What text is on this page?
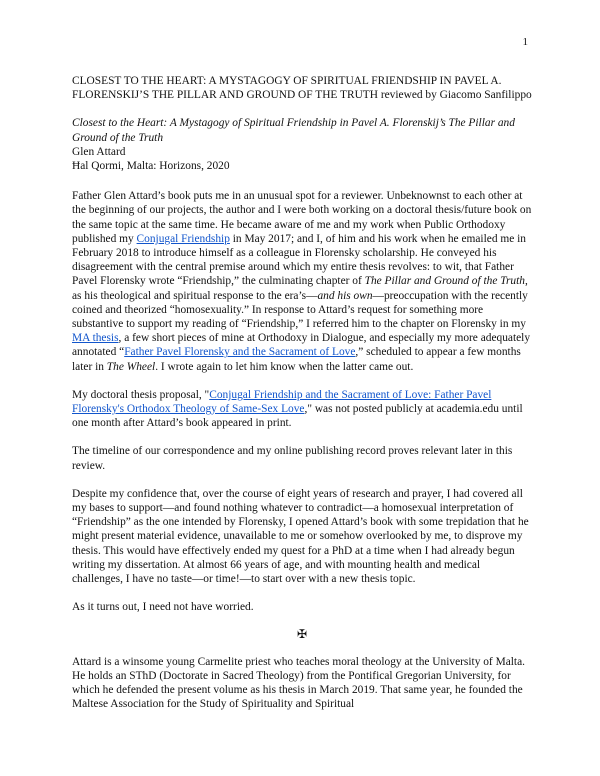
1

CLOSEST TO THE HEART: A MYSTAGOGY OF SPIRITUAL FRIENDSHIP IN PAVEL A. FLORENSKIJ’S THE PILLAR AND GROUND OF THE TRUTH reviewed by Giacomo Sanfilippo

Closest to the Heart: A Mystagogy of Spiritual Friendship in Pavel A. Florenskij’s The Pillar and Ground of the Truth
Glen Attard
Ħal Qormi, Malta: Horizons, 2020

Father Glen Attard’s book puts me in an unusual spot for a reviewer. Unbeknownst to each other at the beginning of our projects, the author and I were both working on a doctoral thesis/future book on the same topic at the same time. He became aware of me and my work when Public Orthodoxy published my Conjugal Friendship in May 2017; and I, of him and his work when he emailed me in February 2018 to introduce himself as a colleague in Florensky scholarship. He conveyed his disagreement with the central premise around which my entire thesis revolves: to wit, that Father Pavel Florensky wrote “Friendship,” the culminating chapter of The Pillar and Ground of the Truth, as his theological and spiritual response to the era’s—and his own—preoccupation with the recently coined and theorized “homosexuality.” In response to Attard’s request for something more substantive to support my reading of “Friendship,” I referred him to the chapter on Florensky in my MA thesis, a few short pieces of mine at Orthodoxy in Dialogue, and especially my more adequately annotated “Father Pavel Florensky and the Sacrament of Love,” scheduled to appear a few months later in The Wheel. I wrote again to let him know when the latter came out.

My doctoral thesis proposal, "Conjugal Friendship and the Sacrament of Love: Father Pavel Florensky's Orthodox Theology of Same-Sex Love," was not posted publicly at academia.edu until one month after Attard’s book appeared in print.

The timeline of our correspondence and my online publishing record proves relevant later in this review.

Despite my confidence that, over the course of eight years of research and prayer, I had covered all my bases to support—and found nothing whatever to contradict—a homosexual interpretation of “Friendship” as the one intended by Florensky, I opened Attard’s book with some trepidation that he might present material evidence, unavailable to me or somehow overlooked by me, to disprove my thesis. This would have effectively ended my quest for a PhD at a time when I had already begun writing my dissertation. At almost 66 years of age, and with mounting health and medical challenges, I have no taste—or time!—to start over with a new thesis topic.

As it turns out, I need not have worried.

✠

Attard is a winsome young Carmelite priest who teaches moral theology at the University of Malta. He holds an SThD (Doctorate in Sacred Theology) from the Pontifical Gregorian University, for which he defended the present volume as his thesis in March 2019. That same year, he founded the Maltese Association for the Study of Spirituality and Spiritual
